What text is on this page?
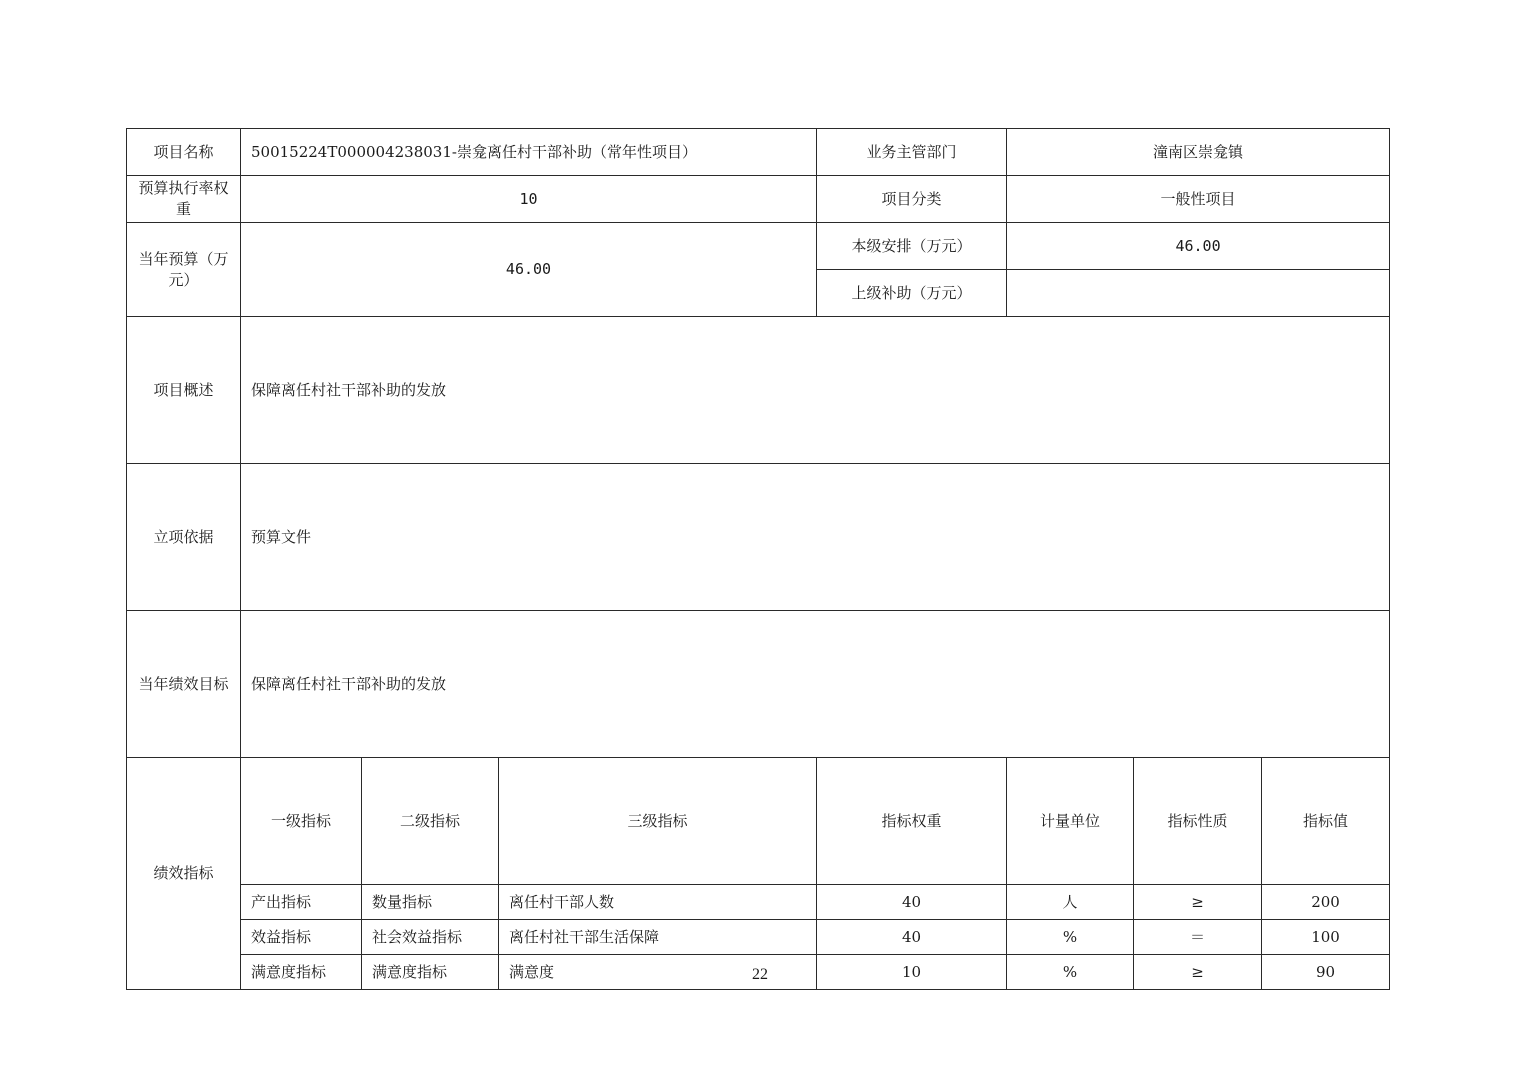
项目名称	50015224T000004238031-崇龛离任村干部补助（常年性项目）			业务主管部门	潼南区崇龛镇			
预算执行率权重	10			项目分类	一般性项目			
当年预算（万元）	46.00			本级安排（万元）	46.00			
				上级补助（万元）				
项目概述	保障离任村社干部补助的发放							
立项依据	预算文件							
当年绩效目标	保障离任村社干部补助的发放							
绩效指标	一级指标	二级指标	三级指标	指标权重	计量单位	指标性质	指标值	
	产出指标	数量指标	离任村干部人数	40	人	≥	200	
	效益指标	社会效益指标	离任村社干部生活保障	40	%	＝	100	
	满意度指标	满意度指标	满意度	10	%	≥	90	
22
